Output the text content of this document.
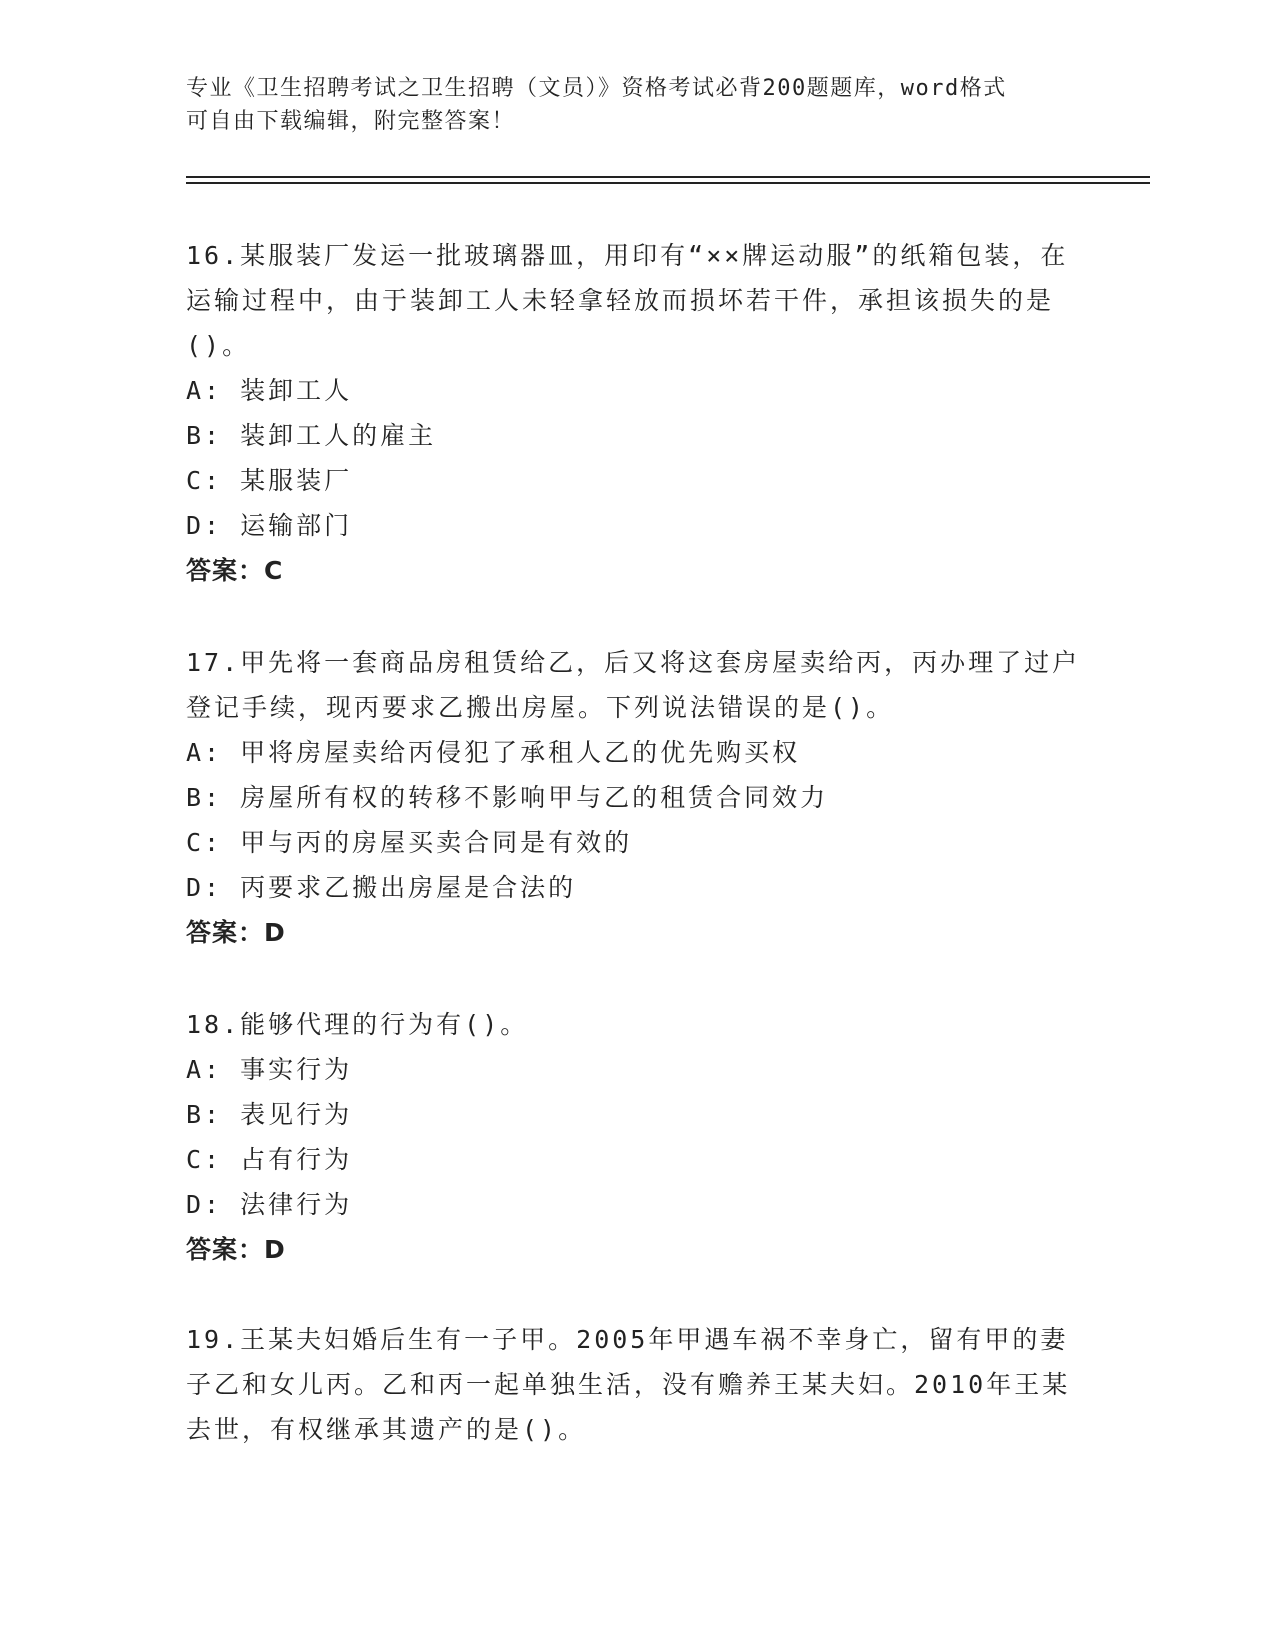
专业《卫生招聘考试之卫生招聘（文员）》资格考试必背200题题库，word格式
可自由下载编辑，附完整答案！

16.某服装厂发运一批玻璃器皿，用印有“××牌运动服”的纸箱包装，在运输过程中，由于装卸工人未轻拿轻放而损坏若干件，承担该损失的是()。

A: 装卸工人

B: 装卸工人的雇主

C: 某服装厂

D: 运输部门

答案：C

17.甲先将一套商品房租赁给乙，后又将这套房屋卖给丙，丙办理了过户登记手续，现丙要求乙搬出房屋。下列说法错误的是()。

A: 甲将房屋卖给丙侵犯了承租人乙的优先购买权

B: 房屋所有权的转移不影响甲与乙的租赁合同效力

C: 甲与丙的房屋买卖合同是有效的

D: 丙要求乙搬出房屋是合法的

答案：D

18.能够代理的行为有()。

A: 事实行为

B: 表见行为

C: 占有行为

D: 法律行为

答案：D

19.王某夫妇婚后生有一子甲。2005年甲遇车祸不幸身亡，留有甲的妻子乙和女儿丙。乙和丙一起单独生活，没有赡养王某夫妇。2010年王某去世，有权继承其遗产的是()。
